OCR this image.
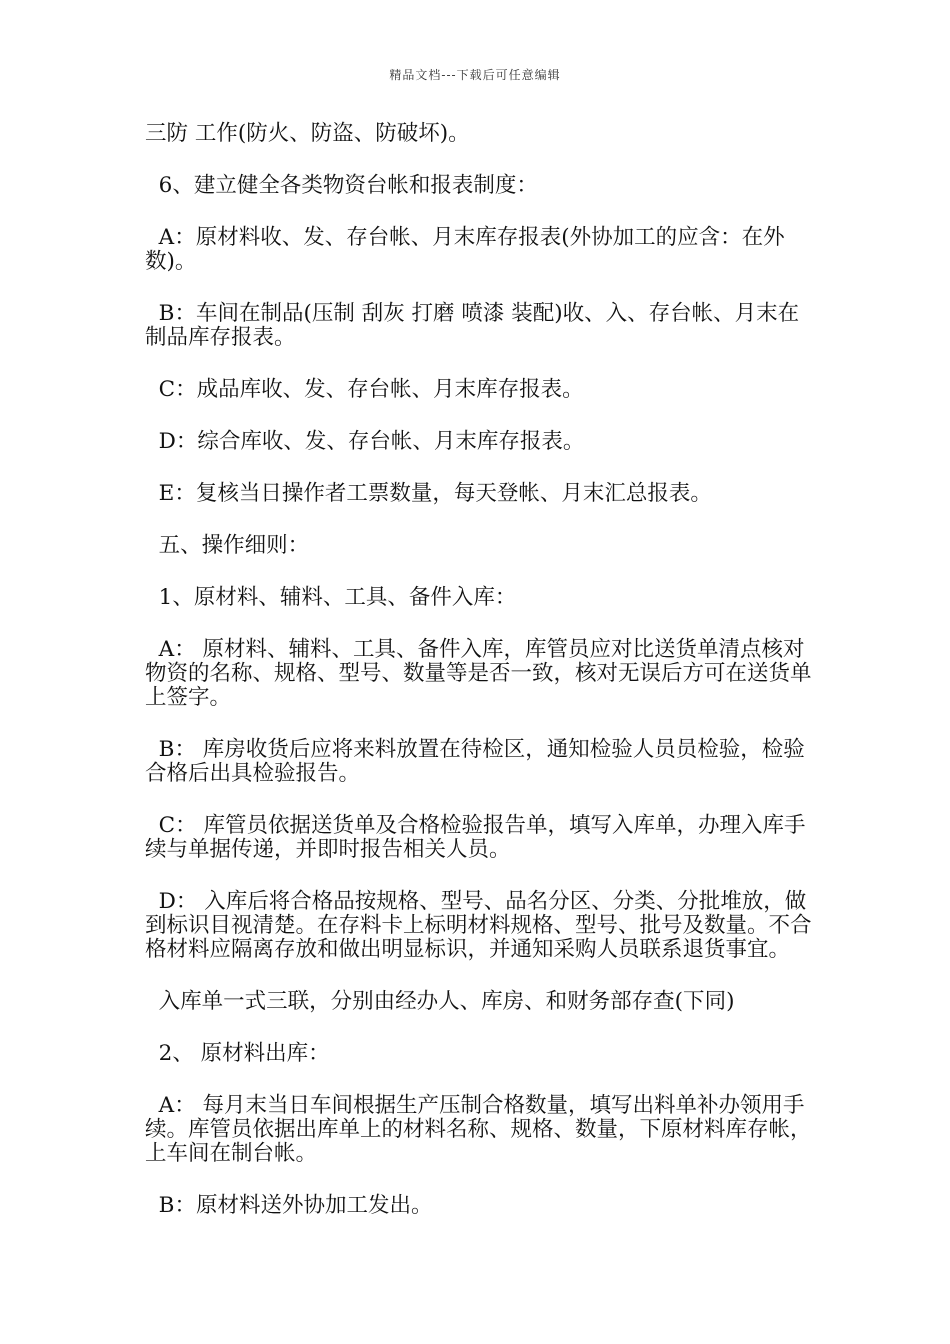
精品文档---下载后可任意编辑

三防 工作(防火、防盗、防破坏)。

6、建立健全各类物资台帐和报表制度：

A：原材料收、发、存台帐、月末库存报表(外协加工的应含：在外数)。

B：车间在制品(压制 刮灰 打磨 喷漆 装配)收、入、存台帐、月末在制品库存报表。

C：成品库收、发、存台帐、月末库存报表。

D：综合库收、发、存台帐、月末库存报表。

E：复核当日操作者工票数量，每天登帐、月末汇总报表。

五、操作细则：

1、原材料、辅料、工具、备件入库：

A： 原材料、辅料、工具、备件入库，库管员应对比送货单清点核对物资的名称、规格、型号、数量等是否一致，核对无误后方可在送货单上签字。

B： 库房收货后应将来料放置在待检区，通知检验人员员检验，检验合格后出具检验报告。

C： 库管员依据送货单及合格检验报告单，填写入库单，办理入库手续与单据传递，并即时报告相关人员。

D： 入库后将合格品按规格、型号、品名分区、分类、分批堆放，做到标识目视清楚。在存料卡上标明材料规格、型号、批号及数量。不合格材料应隔离存放和做出明显标识，并通知采购人员联系退货事宜。

入库单一式三联，分别由经办人、库房、和财务部存查(下同)

2、 原材料出库：

A： 每月末当日车间根据生产压制合格数量，填写出料单补办领用手续。库管员依据出库单上的材料名称、规格、数量，下原材料库存帐，上车间在制台帐。

B：原材料送外协加工发出。
